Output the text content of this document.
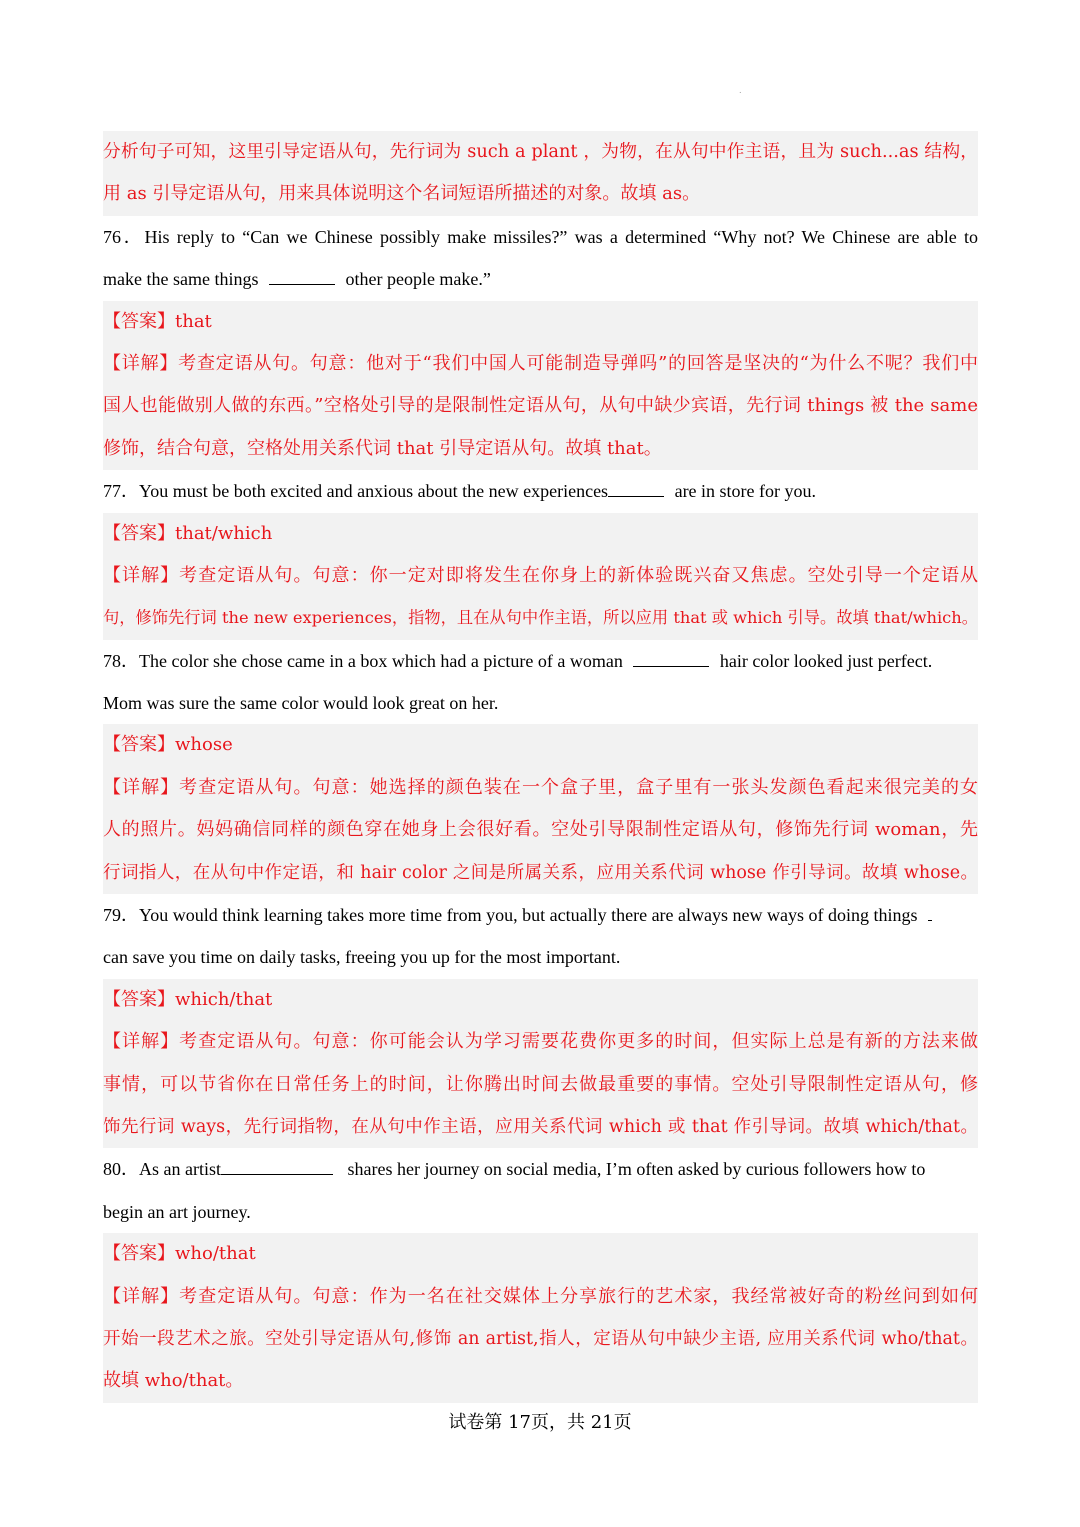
.
分析句子可知，这里引导定语从句，先行词为 such a plant ，为物，在从句中作主语，且为 such...as 结构，
用 as 引导定语从句，用来具体说明这个名词短语所描述的对象。故填 as。
76．His reply to “Can we Chinese possibly make missiles?” was a determined “Why not? We Chinese are able to
make the same things	other people make.”
【答案】that
【详解】考查定语从句。句意：他对于“我们中国人可能制造导弹吗”的回答是坚决的“为什么不呢？我们中
国人也能做别人做的东西。”空格处引导的是限制性定语从句，从句中缺少宾语，先行词 things 被 the same
修饰，结合句意，空格处用关系代词 that 引导定语从句。故填 that。
77．You must be both excited and anxious about the new experiences	are in store for you.
【答案】that/which
【详解】考查定语从句。句意：你一定对即将发生在你身上的新体验既兴奋又焦虑。空处引导一个定语从
句，修饰先行词 the new experiences，指物，且在从句中作主语，所以应用 that 或 which 引导。故填 that/which。
78．The color she chose came in a box which had a picture of a woman	hair color looked just perfect.
Mom was sure the same color would look great on her.
【答案】whose
【详解】考查定语从句。句意：她选择的颜色装在一个盒子里，盒子里有一张头发颜色看起来很完美的女
人的照片。妈妈确信同样的颜色穿在她身上会很好看。空处引导限制性定语从句，修饰先行词 woman，先
行词指人，在从句中作定语，和 hair color 之间是所属关系，应用关系代词 whose 作引导词。故填 whose。
79．You would think learning takes more time from you, but actually there are always new ways of doing things
can save you time on daily tasks, freeing you up for the most important.
【答案】which/that
【详解】考查定语从句。句意：你可能会认为学习需要花费你更多的时间，但实际上总是有新的方法来做
事情，可以节省你在日常任务上的时间，让你腾出时间去做最重要的事情。空处引导限制性定语从句，修
饰先行词 ways，先行词指物，在从句中作主语，应用关系代词 which 或 that 作引导词。故填 which/that。
80．As an artist	shares her journey on social media, I’m often asked by curious followers how to
begin an art journey.
【答案】who/that
【详解】考查定语从句。句意：作为一名在社交媒体上分享旅行的艺术家，我经常被好奇的粉丝问到如何
开始一段艺术之旅。空处引导定语从句,修饰 an artist,指人，定语从句中缺少主语, 应用关系代词 who/that。
故填 who/that。
试卷第 17页，共 21页
